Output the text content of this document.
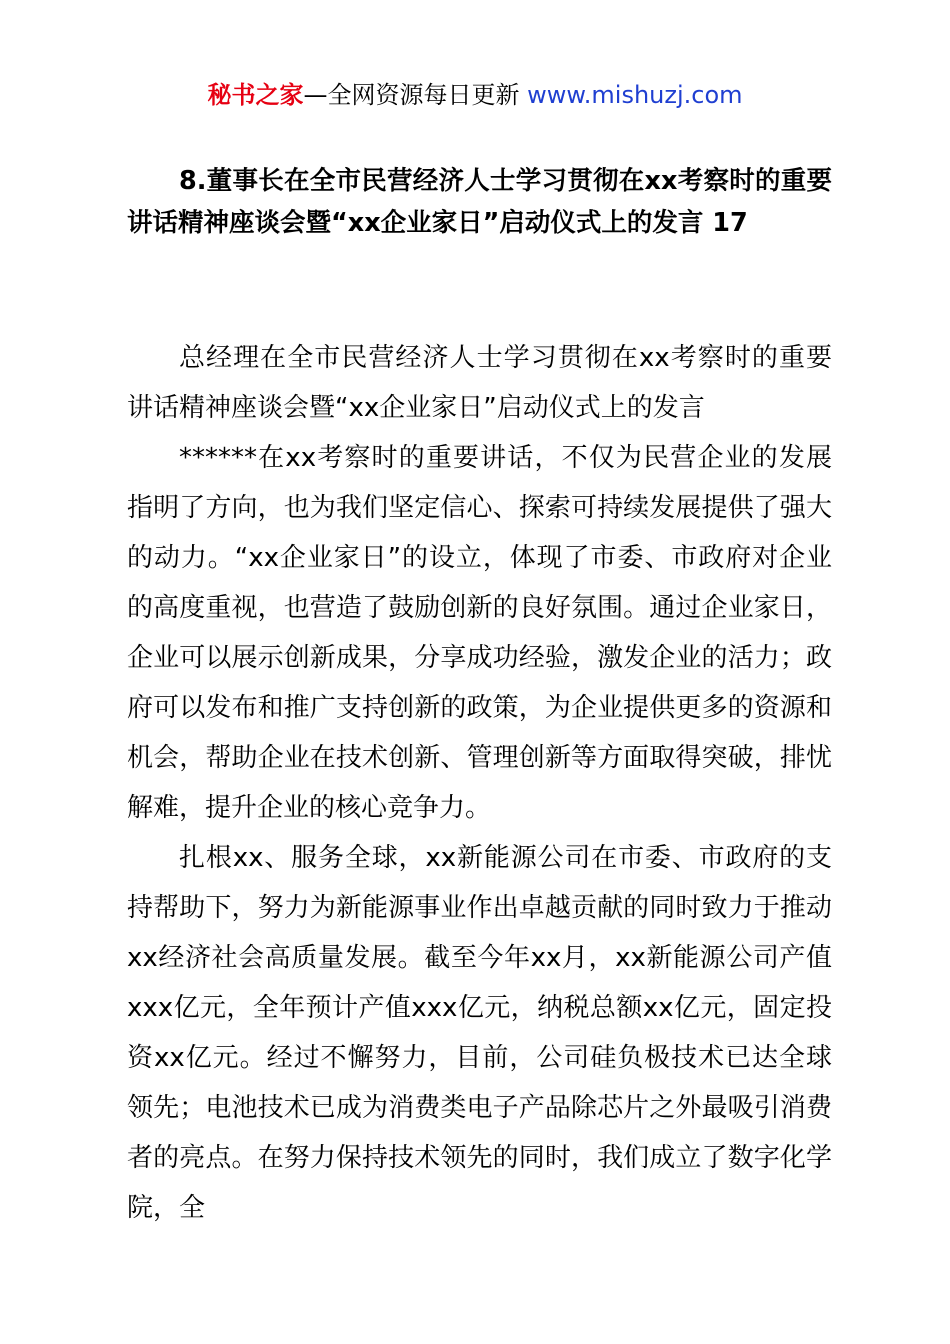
秘书之家—全网资源每日更新 www.mishuzj.com
8.董事长在全市民营经济人士学习贯彻在xx考察时的重要讲话精神座谈会暨“xx企业家日”启动仪式上的发言 17

总经理在全市民营经济人士学习贯彻在xx考察时的重要讲话精神座谈会暨“xx企业家日”启动仪式上的发言

******在xx考察时的重要讲话，不仅为民营企业的发展指明了方向，也为我们坚定信心、探索可持续发展提供了强大的动力。“xx企业家日”的设立，体现了市委、市政府对企业的高度重视，也营造了鼓励创新的良好氛围。通过企业家日，企业可以展示创新成果，分享成功经验，激发企业的活力；政府可以发布和推广支持创新的政策，为企业提供更多的资源和机会，帮助企业在技术创新、管理创新等方面取得突破，排忧解难，提升企业的核心竞争力。

扎根xx、服务全球，xx新能源公司在市委、市政府的支持帮助下，努力为新能源事业作出卓越贡献的同时致力于推动xx经济社会高质量发展。截至今年xx月，xx新能源公司产值xxx亿元，全年预计产值xxx亿元，纳税总额xx亿元，固定投资xx亿元。经过不懈努力，目前，公司硅负极技术已达全球领先；电池技术已成为消费类电子产品除芯片之外最吸引消费者的亮点。在努力保持技术领先的同时，我们成立了数字化学院，全
